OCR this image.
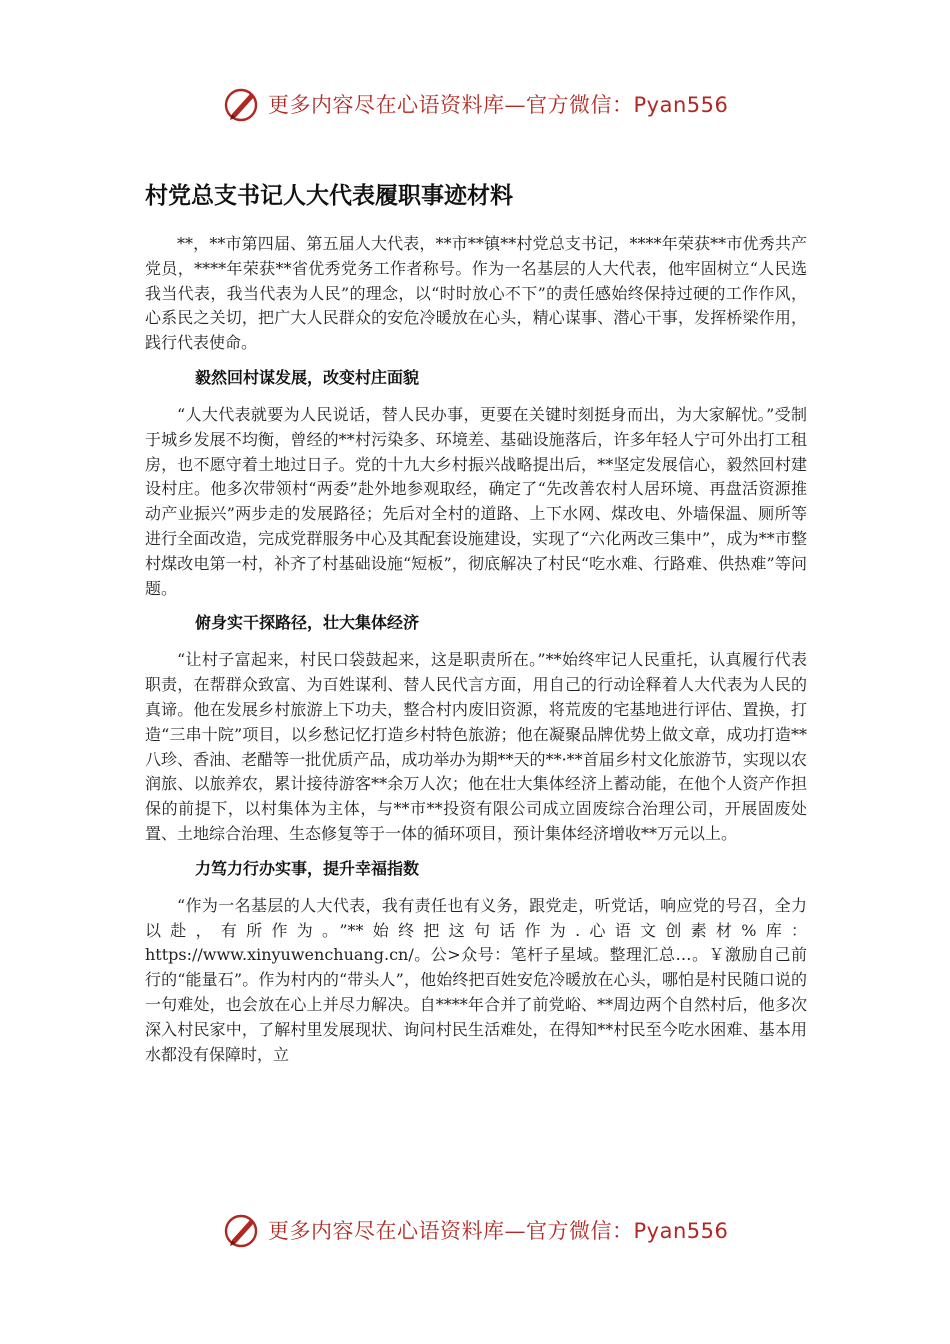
更多内容尽在心语资料库—官方微信：Pyan556
村党总支书记人大代表履职事迹材料

**，**市第四届、第五届人大代表，**市**镇**村党总支书记，****年荣获**市优秀共产党员，****年荣获**省优秀党务工作者称号。作为一名基层的人大代表，他牢固树立“人民选我当代表，我当代表为人民”的理念，以“时时放心不下”的责任感始终保持过硬的工作作风，心系民之关切，把广大人民群众的安危冷暖放在心头，精心谋事、潜心干事，发挥桥梁作用，践行代表使命。

毅然回村谋发展，改变村庄面貌

“人大代表就要为人民说话，替人民办事，更要在关键时刻挺身而出，为大家解忧。”受制于城乡发展不均衡，曾经的**村污染多、环境差、基础设施落后，许多年轻人宁可外出打工租房，也不愿守着土地过日子。党的十九大乡村振兴战略提出后，**坚定发展信心，毅然回村建设村庄。他多次带领村“两委”赴外地参观取经，确定了“先改善农村人居环境、再盘活资源推动产业振兴”两步走的发展路径；先后对全村的道路、上下水网、煤改电、外墙保温、厕所等进行全面改造，完成党群服务中心及其配套设施建设，实现了“六化两改三集中”，成为**市整村煤改电第一村，补齐了村基础设施“短板”，彻底解决了村民“吃水难、行路难、供热难”等问题。

俯身实干探路径，壮大集体经济

“让村子富起来，村民口袋鼓起来，这是职责所在。”**始终牢记人民重托，认真履行代表职责，在帮群众致富、为百姓谋利、替人民代言方面，用自己的行动诠释着人大代表为人民的真谛。他在发展乡村旅游上下功夫，整合村内废旧资源，将荒废的宅基地进行评估、置换，打造“三串十院”项目，以乡愁记忆打造乡村特色旅游；他在凝聚品牌优势上做文章，成功打造**八珍、香油、老醋等一批优质产品，成功举办为期**天的**·**首届乡村文化旅游节，实现以农润旅、以旅养农，累计接待游客**余万人次；他在壮大集体经济上蓄动能，在他个人资产作担保的前提下，以村集体为主体，与**市**投资有限公司成立固废综合治理公司，开展固废处置、土地综合治理、生态修复等于一体的循环项目，预计集体经济增收**万元以上。

力笃力行办实事，提升幸福指数

“作为一名基层的人大代表，我有责任也有义务，跟党走，听党话，响应党的号召，全力以赴，有所作为。”**始终把这句话作为.心语文创素材%库：https://www.xinyuwenchuang.cn/。公>众号：笔杆子星域。整理汇总…。￥激励自己前行的“能量石”。作为村内的“带头人”，他始终把百姓安危冷暖放在心头，哪怕是村民随口说的一句难处，也会放在心上并尽力解决。自****年合并了前党峪、**周边两个自然村后，他多次深入村民家中，了解村里发展现状、询问村民生活难处，在得知**村民至今吃水困难、基本用水都没有保障时，立

更多内容尽在心语资料库—官方微信：Pyan556
